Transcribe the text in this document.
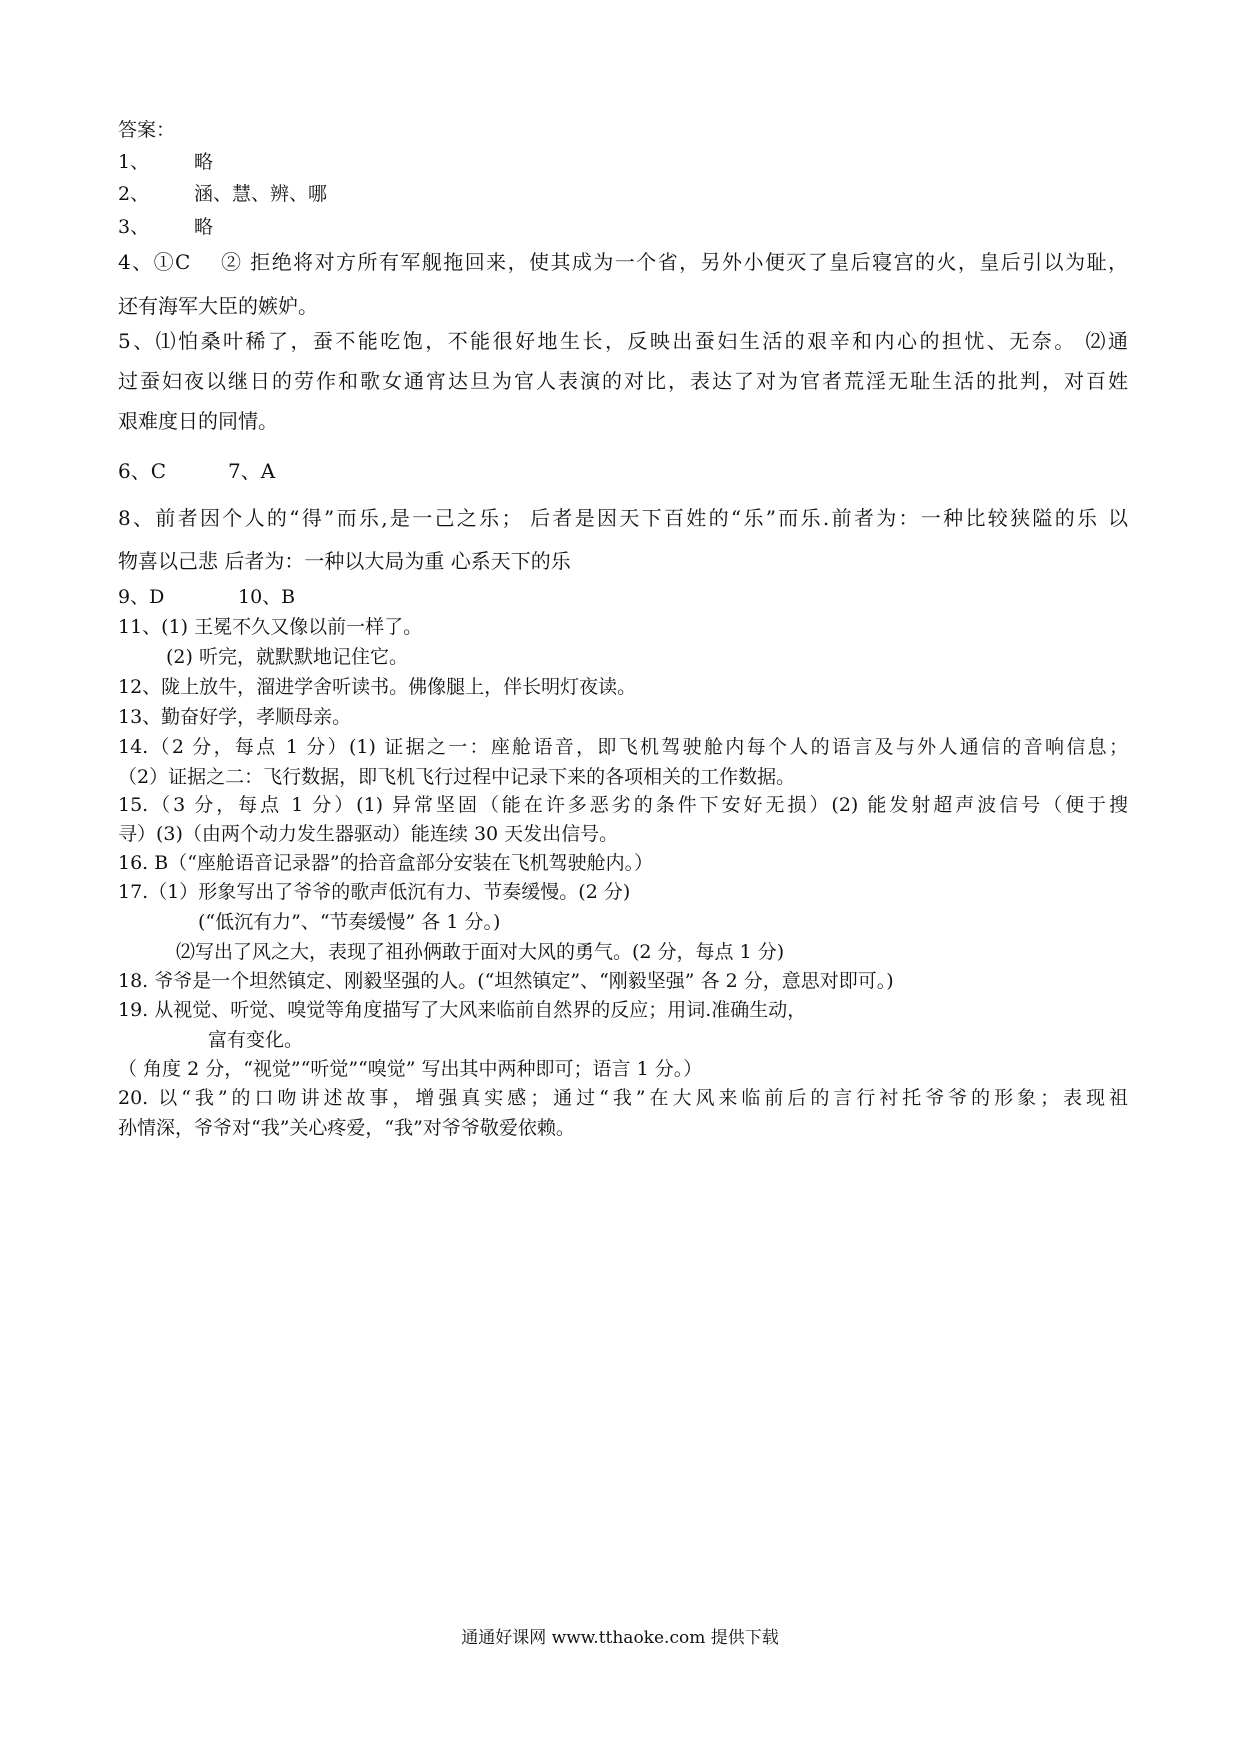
答案：
1、 略
2、 涵、慧、辨、哪
3、 略
4、①C　 ② 拒绝将对方所有军舰拖回来，使其成为一个省，另外小便灭了皇后寝宫的火，皇后引以为耻，
还有海军大臣的嫉妒。
5、⑴怕桑叶稀了，蚕不能吃饱，不能很好地生长，反映出蚕妇生活的艰辛和内心的担忧、无奈。 ⑵通
过蚕妇夜以继日的劳作和歌女通宵达旦为官人表演的对比，表达了对为官者荒淫无耻生活的批判，对百姓
艰难度日的同情。
6、C	7、A
8、前者因个人的“得”而乐,是一己之乐； 后者是因天下百姓的“乐”而乐.前者为：一种比较狭隘的乐 以
物喜以己悲 后者为：一种以大局为重 心系天下的乐
9、D	10、B
11、(1) 王冕不久又像以前一样了。
(2) 听完，就默默地记住它。
12、陇上放牛，溜进学舍听读书。佛像腿上，伴长明灯夜读。
13、勤奋好学，孝顺母亲。
14.（2 分，每点 1 分）(1) 证据之一：座舱语音，即飞机驾驶舱内每个人的语言及与外人通信的音响信息；
（2）证据之二：飞行数据，即飞机飞行过程中记录下来的各项相关的工作数据。
15.（3 分，每点 1 分）(1) 异常坚固（能在许多恶劣的条件下安好无损）(2) 能发射超声波信号（便于搜
寻）(3)（由两个动力发生器驱动）能连续 30 天发出信号。
16. B（“座舱语音记录器”的拾音盒部分安装在飞机驾驶舱内。）
17.（1）形象写出了爷爷的歌声低沉有力、节奏缓慢。(2 分)
(“低沉有力”、“节奏缓慢” 各 1 分。)
⑵写出了风之大，表现了祖孙俩敢于面对大风的勇气。(2 分，每点 1 分)
18. 爷爷是一个坦然镇定、刚毅坚强的人。(“坦然镇定”、“刚毅坚强” 各 2 分，意思对即可。)
19. 从视觉、听觉、嗅觉等角度描写了大风来临前自然界的反应；用词.准确生动，
富有变化。
（ 角度 2 分，“视觉”“听觉”“嗅觉” 写出其中两种即可；语言 1 分。）
20. 以“我”的口吻讲述故事，增强真实感；通过“我”在大风来临前后的言行衬托爷爷的形象；表现祖
孙情深，爷爷对“我”关心疼爱，“我”对爷爷敬爱依赖。
通通好课网 www.tthaoke.com 提供下载
